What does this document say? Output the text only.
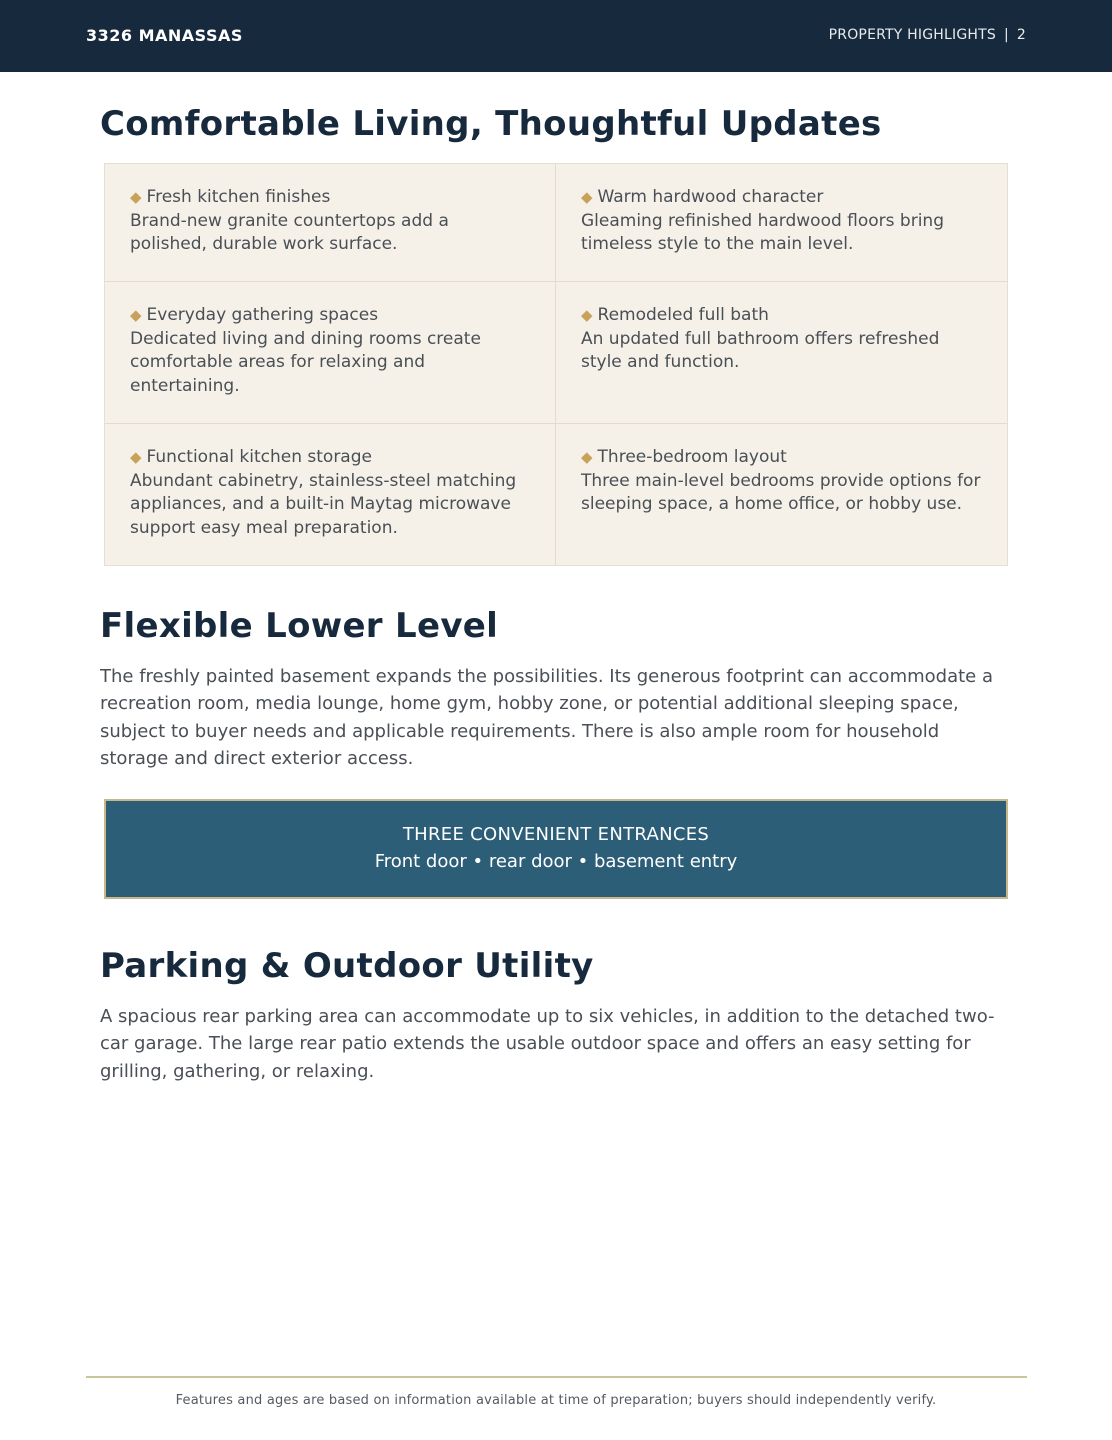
3326 MANASSAS	PROPERTY HIGHLIGHTS | 2
Comfortable Living, Thoughtful Updates
◆ Fresh kitchen finishes
Brand-new granite countertops add a polished, durable work surface.
◆ Warm hardwood character
Gleaming refinished hardwood floors bring timeless style to the main level.
◆ Everyday gathering spaces
Dedicated living and dining rooms create comfortable areas for relaxing and entertaining.
◆ Remodeled full bath
An updated full bathroom offers refreshed style and function.
◆ Functional kitchen storage
Abundant cabinetry, stainless-steel matching appliances, and a built-in Maytag microwave support easy meal preparation.
◆ Three-bedroom layout
Three main-level bedrooms provide options for sleeping space, a home office, or hobby use.
Flexible Lower Level

The freshly painted basement expands the possibilities. Its generous footprint can accommodate a recreation room, media lounge, home gym, hobby zone, or potential additional sleeping space, subject to buyer needs and applicable requirements. There is also ample room for household storage and direct exterior access.

THREE CONVENIENT ENTRANCES
Front door • rear door • basement entry
Parking & Outdoor Utility

A spacious rear parking area can accommodate up to six vehicles, in addition to the detached two-car garage. The large rear patio extends the usable outdoor space and offers an easy setting for grilling, gathering, or relaxing.

Features and ages are based on information available at time of preparation; buyers should independently verify.
